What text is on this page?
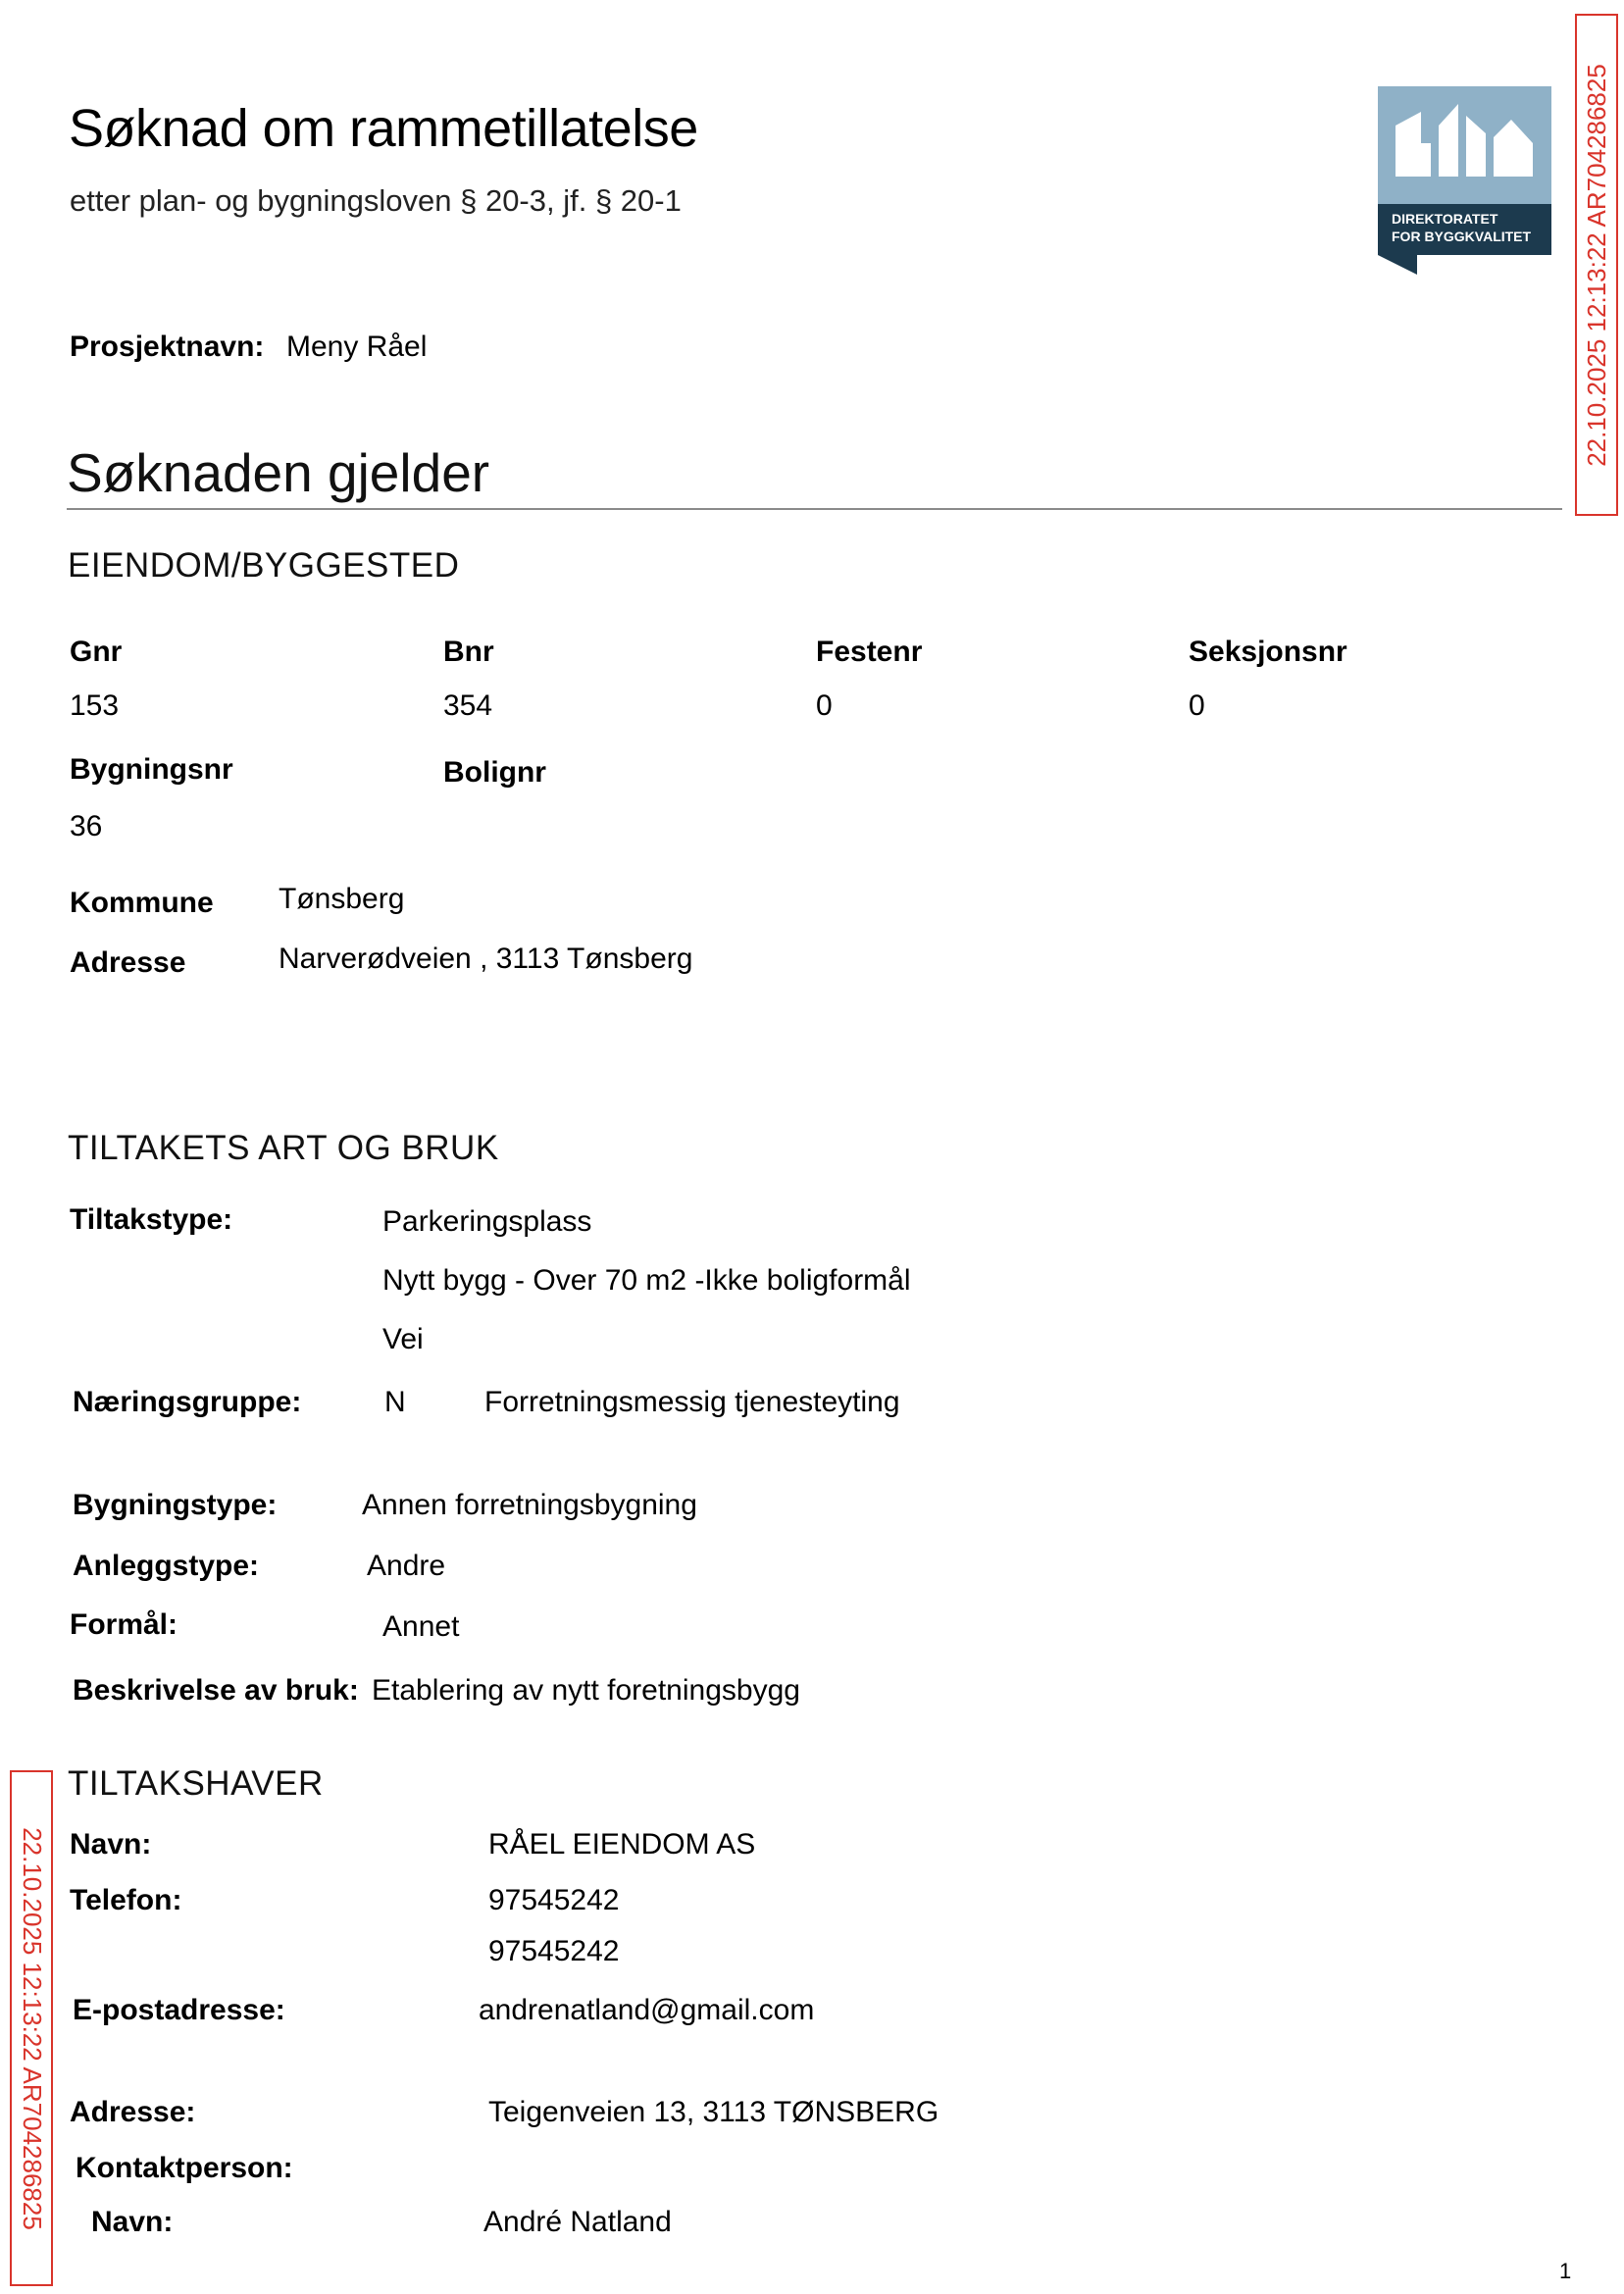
Søknad om rammetillatelse
etter plan- og bygningsloven § 20-3, jf. § 20-1
DIREKTORATET
FOR BYGGKVALITET
Prosjektnavn: Meny Råel
Søknaden gjelder
EIENDOM/BYGGESTED
Gnr	Bnr	Festenr	Seksjonsnr
153	354	0	0
Bygningsnr	Bolignr
36
Kommune Tønsberg
Adresse	Narverødveien , 3113 Tønsberg
TILTAKETS ART OG BRUK
Tiltakstype:	Parkeringsplass
Nytt bygg - Over 70 m2 -Ikke boligformål
Vei
Næringsgruppe:	N	Forretningsmessig tjenesteyting
Bygningstype:	Annen forretningsbygning
Anleggstype:	Andre
Formål:	Annet
Beskrivelse av bruk: Etablering av nytt foretningsbygg
TILTAKSHAVER
Navn:	RÅEL EIENDOM AS
Telefon:	97545242
97545242
E-postadresse:	andrenatland@gmail.com
Adresse:	Teigenveien 13, 3113 TØNSBERG
Kontaktperson:
Navn:	André Natland
22.10.2025 12:13:22 AR704286825
22.10.2025 12:13:22 AR704286825
1
